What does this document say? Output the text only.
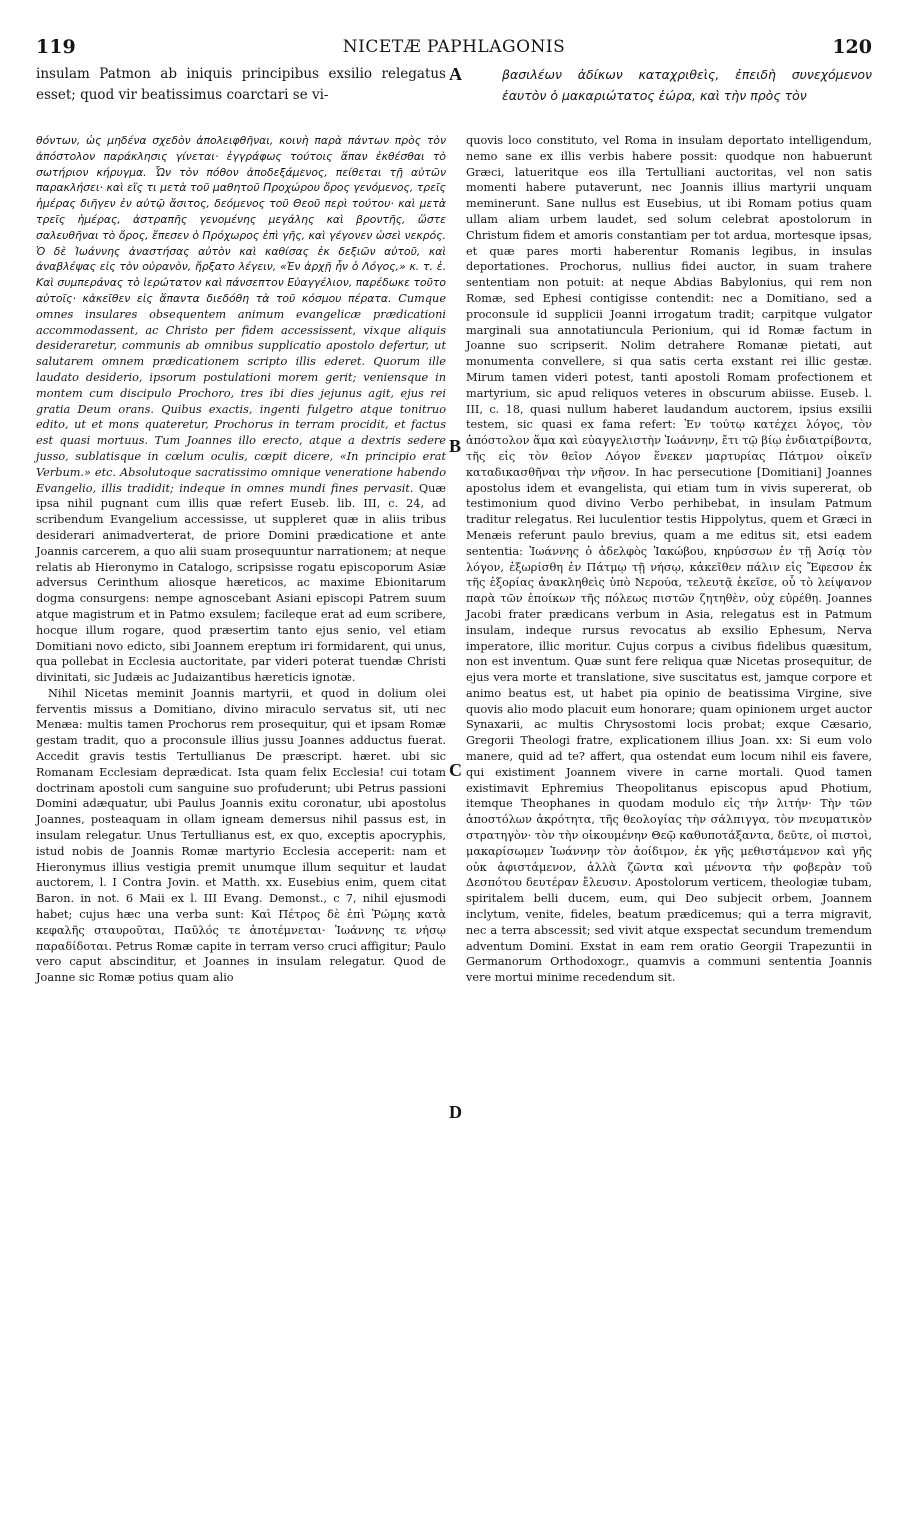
119	NICETÆ PAPHLAGONIS	120
insulam Patmon ab iniquis principibus exsilio relegatus esset; quod vir beatissimus coarctari se vi-
βασιλέων ἀδίκων καταχριθεὶς, ἐπειδὴ συνεχόμενον ἑαυτὸν ὁ μακαριώτατος ἑώρα, καὶ τὴν πρὸς τὸν
A
B
C
D

θόντων, ὡς μηδένα σχεδὸν ἀπολειφθῆναι, κοινὴ παρὰ πάντων πρὸς τὸν ἀπόστολον παράκλησις γίνεται· ἐγγράφως τούτοις ἅπαν ἐκθέσθαι τὸ σωτήριον κήρυγμα. Ὧν τὸν πόθον ἀποδεξάμενος, πείθεται τῇ αὐτῶν παρακλήσει· καὶ εἴς τι μετὰ τοῦ μαθητοῦ Προχώρου ὄρος γενόμενος, τρεῖς ἡμέρας διῆγεν ἐν αὐτῷ ἄσιτος, δεόμενος τοῦ Θεοῦ περὶ τούτου· καὶ μετὰ τρεῖς ἡμέρας, ἀστραπῆς γενομένης μεγάλης καὶ βροντῆς, ὥστε σαλευθῆναι τὸ ὄρος, ἔπεσεν ὁ Πρόχωρος ἐπὶ γῆς, καὶ γέγονεν ὡσεὶ νεκρός. Ὁ δὲ Ἰωάννης ἀναστήσας αὐτὸν καὶ καθίσας ἐκ δεξιῶν αὐτοῦ, καὶ ἀναβλέψας εἰς τὸν οὐρανὸν, ἤρξατο λέγειν, «Ἐν ἀρχῇ ἦν ὁ Λόγος,» κ. τ. ἑ. Καὶ συμπεράνας τὸ ἱερώτατον καὶ πάνσεπτον Εὐαγγέλιον, παρέδωκε τοῦτο αὐτοῖς· κἀκεῖθεν εἰς ἅπαντα διεδόθη τὰ τοῦ κόσμου πέρατα. Cumque omnes insulares obsequentem animum evangelicæ prædicationi accommodassent, ac Christo per fidem accessissent, vixque aliquis desideraretur, communis ab omnibus supplicatio apostolo defertur, ut salutarem omnem prædicationem scripto illis ederet. Quorum ille laudato desiderio, ipsorum postulationi morem gerit; veniensque in montem cum discipulo Prochoro, tres ibi dies jejunus agit, ejus rei gratia Deum orans. Quibus exactis, ingenti fulgetro atque tonitruo edito, ut et mons quateretur, Prochorus in terram procidit, et factus est quasi mortuus. Tum Joannes illo erecto, atque a dextris sedere jusso, sublatisque in cœlum oculis, cœpit dicere, «In principio erat Verbum.» etc. Absolutoque sacratissimo omnique veneratione habendo Evangelio, illis tradidit; indeque in omnes mundi fines pervasit. Quæ ipsa nihil pugnant cum illis quæ refert Euseb. lib. III, c. 24, ad scribendum Evangelium accessisse, ut suppleret quæ in aliis tribus desiderari animadverterat, de priore Domini prædicatione et ante Joannis carcerem, a quo alii suam prosequuntur narrationem; at neque relatis ab Hieronymo in Catalogo, scripsisse rogatu episcoporum Asiæ adversus Cerinthum aliosque hæreticos, ac maxime Ebionitarum dogma consurgens: nempe agnoscebant Asiani episcopi Patrem suum atque magistrum et in Patmo exsulem; facileque erat ad eum scribere, hocque illum rogare, quod præsertim tanto ejus senio, vel etiam Domitiani novo edicto, sibi Joannem ereptum iri formidarent, qui unus, qua pollebat in Ecclesia auctoritate, par videri poterat tuendæ Christi divinitati, sic Judæis ac Judaizantibus hæreticis ignotæ.

Nihil Nicetas meminit Joannis martyrii, et quod in dolium olei ferventis missus a Domitiano, divino miraculo servatus sit, uti nec Menæa: multis tamen Prochorus rem prosequitur, qui et ipsam Romæ gestam tradit, quo a proconsule illius jussu Joannes adductus fuerat. Accedit gravis testis Tertullianus De præscript. hæret. ubi sic Romanam Ecclesiam deprædicat. Ista quam felix Ecclesia! cui totam doctrinam apostoli cum sanguine suo profuderunt; ubi Petrus passioni Domini adæquatur, ubi Paulus Joannis exitu coronatur, ubi apostolus Joannes, posteaquam in ollam igneam demersus nihil passus est, in insulam relegatur. Unus Tertullianus est, ex quo, exceptis apocryphis, istud nobis de Joannis Romæ martyrio Ecclesia acceperit: nam et Hieronymus illius vestigia premit unumque illum sequitur et laudat auctorem, l. I Contra Jovin. et Matth. xx. Eusebius enim, quem citat Baron. in not. 6 Maii ex l. III Evang. Demonst., c 7, nihil ejusmodi habet; cujus hæc una verba sunt: Καὶ Πέτρος δὲ ἐπὶ Ῥώμης κατὰ κεφαλῆς σταυροῦται, Παῦλός τε ἀποτέμνεται· Ἰωάννης τε νήσῳ παραδίδοται. Petrus Romæ capite in terram verso cruci affigitur; Paulo vero caput abscinditur, et Joannes in insulam relegatur. Quod de Joanne sic Romæ potius quam alio

quovis loco constituto, vel Roma in insulam deportato intelligendum, nemo sane ex illis verbis habere possit: quodque non habuerunt Græci, latueritque eos illa Tertulliani auctoritas, vel non satis momenti habere putaverunt, nec Joannis illius martyrii unquam meminerunt. Sane nullus est Eusebius, ut ibi Romam potius quam ullam aliam urbem laudet, sed solum celebrat apostolorum in Christum fidem et amoris constantiam per tot ardua, mortesque ipsas, et quæ pares morti haberentur Romanis legibus, in insulas deportationes. Prochorus, nullius fidei auctor, in suam trahere sententiam non potuit: at neque Abdias Babylonius, qui rem non Romæ, sed Ephesi contigisse contendit: nec a Domitiano, sed a proconsule id supplicii Joanni irrogatum tradit; carpitque vulgator marginali sua annotatiuncula Perionium, qui id Romæ factum in Joanne suo scripserit. Nolim detrahere Romanæ pietati, aut monumenta convellere, si qua satis certa exstant rei illic gestæ. Mirum tamen videri potest, tanti apostoli Romam profectionem et martyrium, sic apud reliquos veteres in obscurum abiisse. Euseb. l. III, c. 18, quasi nullum haberet laudandum auctorem, ipsius exsilii testem, sic quasi ex fama refert: Ἐν τούτῳ κατέχει λόγος, τὸν ἀπόστολον ἅμα καὶ εὐαγγελιστὴν Ἰωάννην, ἔτι τῷ βίῳ ἐνδιατρίβοντα, τῆς εἰς τὸν θεῖον Λόγον ἕνεκεν μαρτυρίας Πάτμον οἰκεῖν καταδικασθῆναι τὴν νῆσον. In hac persecutione [Domitiani] Joannes apostolus idem et evangelista, qui etiam tum in vivis supererat, ob testimonium quod divino Verbo perhibebat, in insulam Patmum traditur relegatus. Rei luculentior testis Hippolytus, quem et Græci in Menæis referunt paulo brevius, quam a me editus sit, etsi eadem sententia: Ἰωάννης ὁ ἀδελφὸς Ἰακώβου, κηρύσσων ἐν τῇ Ἀσίᾳ τὸν λόγον, ἐξωρίσθη ἐν Πάτμῳ τῇ νήσῳ, κἀκεῖθεν πάλιν εἰς Ἔφεσον ἐκ τῆς ἐξορίας ἀνακληθεὶς ὑπὸ Νερούα, τελευτᾷ ἐκεῖσε, οὗ τὸ λείψανον παρὰ τῶν ἐποίκων τῆς πόλεως πιστῶν ζητηθὲν, οὐχ εὑρέθη. Joannes Jacobi frater prædicans verbum in Asia, relegatus est in Patmum insulam, indeque rursus revocatus ab exsilio Ephesum, Nerva imperatore, illic moritur. Cujus corpus a civibus fidelibus quæsitum, non est inventum. Quæ sunt fere reliqua quæ Nicetas prosequitur, de ejus vera morte et translatione, sive suscitatus est, jamque corpore et animo beatus est, ut habet pia opinio de beatissima Virgine, sive quovis alio modo placuit eum honorare; quam opinionem urget auctor Synaxarii, ac multis Chrysostomi locis probat; exque Cæsario, Gregorii Theologi fratre, explicationem illius Joan. xx: Si eum volo manere, quid ad te? affert, qua ostendat eum locum nihil eis favere, qui existiment Joannem vivere in carne mortali. Quod tamen existimavit Ephremius Theopolitanus episcopus apud Photium, itemque Theophanes in quodam modulo εἰς τὴν λιτήν· Τὴν τῶν ἀποστόλων ἀκρότητα, τῆς θεολογίας τὴν σάλπιγγα, τὸν πνευματικὸν στρατηγὸν· τὸν τὴν οἰκουμένην Θεῷ καθυποτάξαντα, δεῦτε, οἱ πιστοὶ, μακαρίσωμεν Ἰωάννην τὸν ἀοίδιμον, ἐκ γῆς μεθιστάμενον καὶ γῆς οὐκ ἀφιστάμενον, ἀλλὰ ζῶντα καὶ μένοντα τὴν φοβερὰν τοῦ Δεσπότου δευτέραν ἔλευσιν. Apostolorum verticem, theologiæ tubam, spiritalem belli ducem, eum, qui Deo subjecit orbem, Joannem inclytum, venite, fideles, beatum prædicemus; qui a terra migravit, nec a terra abscessit; sed vivit atque exspectat secundum tremendum adventum Domini. Exstat in eam rem oratio Georgii Trapezuntii in Germanorum Orthodoxogr., quamvis a communi sententia Joannis vere mortui minime recedendum sit.
